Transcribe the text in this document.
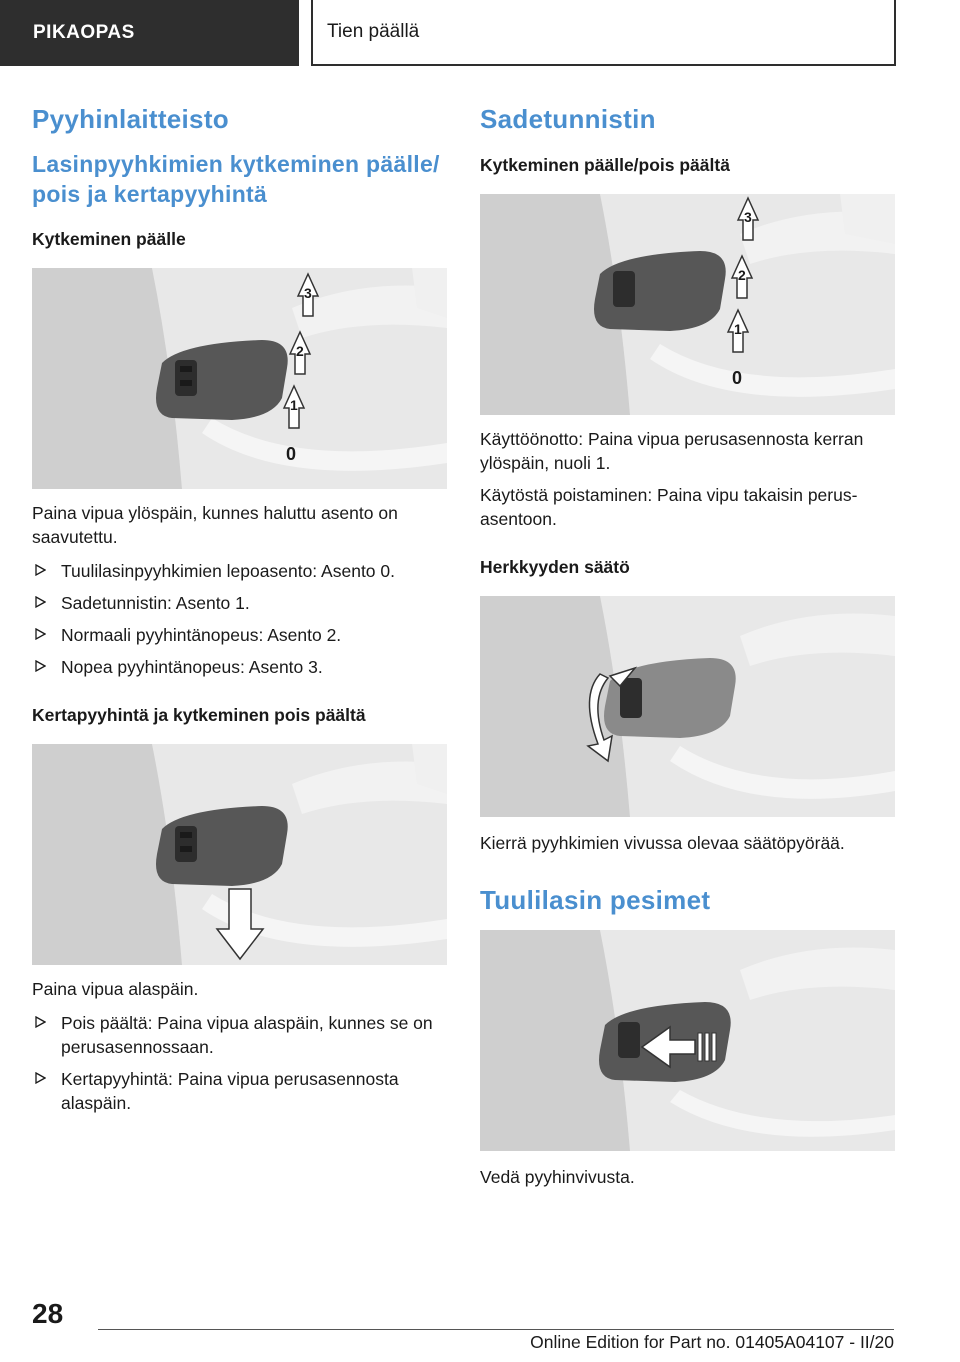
PIKAOPAS	Tien päällä
Pyyhinlaitteisto
Lasinpyyhkimien kytkeminen päälle/
pois ja kertapyyhintä
Kytkeminen päälle
3
2
1
0

Paina vipua ylöspäin, kunnes haluttu asento on saavutettu.

Tuulilasinpyyhkimien lepoasento: Asento 0.
Sadetunnistin: Asento 1.
Normaali pyyhintänopeus: Asento 2.
Nopea pyyhintänopeus: Asento 3.
Kertapyyhintä ja kytkeminen pois päältä

Paina vipua alaspäin.

Pois päältä: Paina vipua alaspäin, kunnes se on perusasennossaan.
Kertapyyhintä: Paina vipua perusasennosta alaspäin.
Sadetunnistin
Kytkeminen päälle/pois päältä
3
2
1
0

Käyttöönotto: Paina vipua perusasennosta kerran ylöspäin, nuoli 1.

Käytöstä poistaminen: Paina vipu takaisin perus‐asentoon.

Herkkyyden säätö

Kierrä pyyhkimien vivussa olevaa säätöpyörää.

Tuulilasin pesimet

Vedä pyyhinvivusta.

28
Online Edition for Part no. 01405A04107 - II/20
